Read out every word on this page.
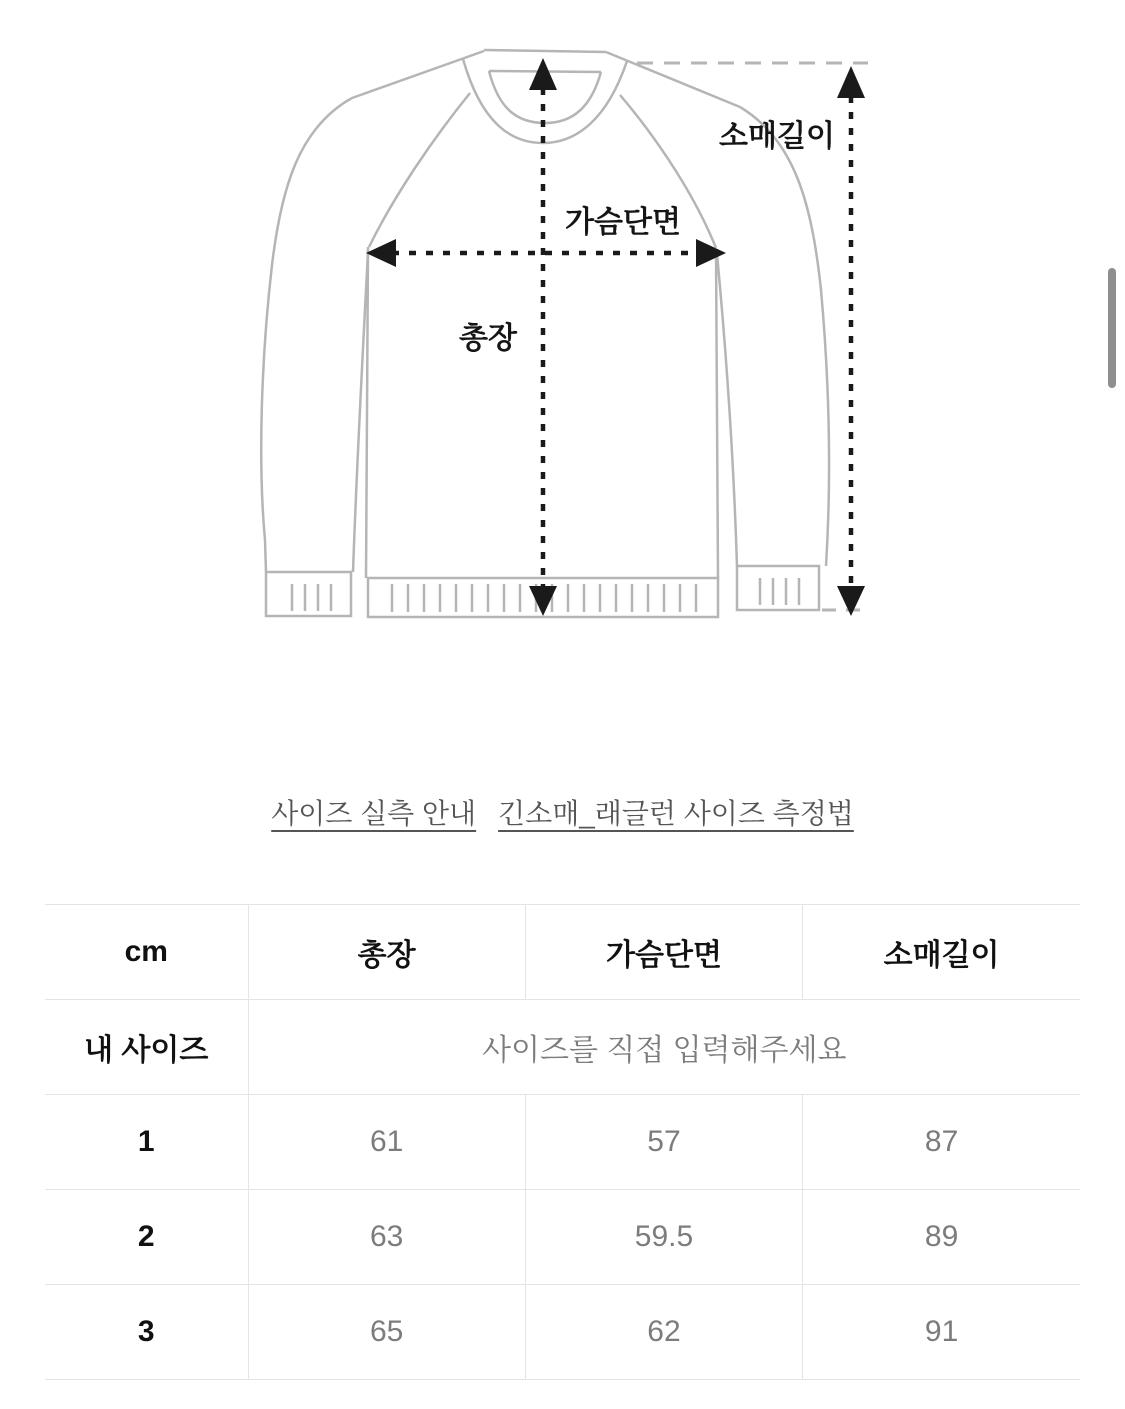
소매길이
가슴단면
총장
사이즈 실측 안내 긴소매_래글런 사이즈 측정법
cm	총장	가슴단면	소매길이
내 사이즈	사이즈를 직접 입력해주세요		
1	61	57	87
2	63	59.5	89
3	65	62	91
